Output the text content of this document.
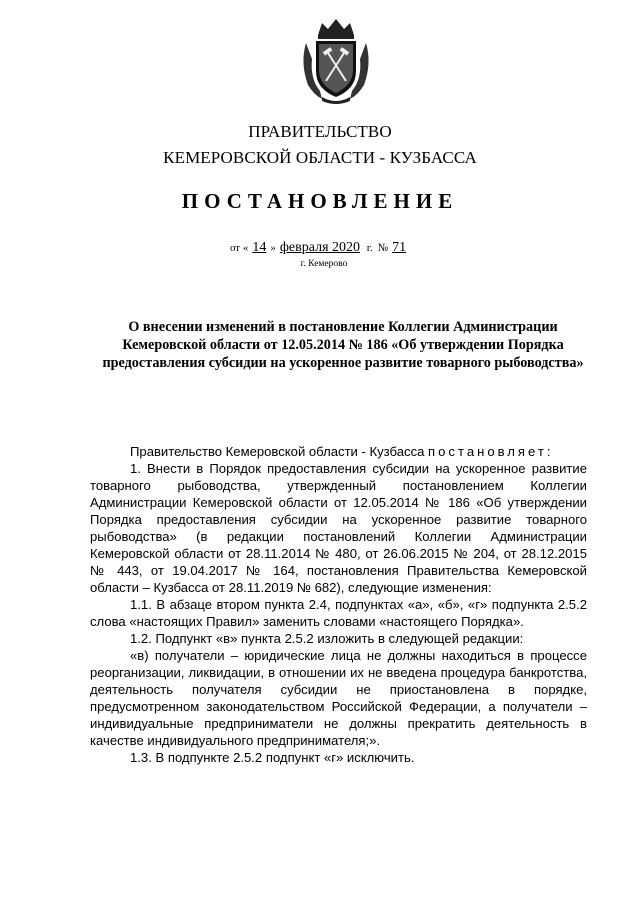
ПРАВИТЕЛЬСТВО
КЕМЕРОВСКОЙ ОБЛАСТИ - КУЗБАССА
ПОСТАНОВЛЕНИЕ
от « 14 » февраля 2020 г. № 71
г. Кемерово
О внесении изменений в постановление Коллегии Администрации Кемеровской области от 12.05.2014 № 186 «Об утверждении Порядка предоставления субсидии на ускоренное развитие товарного рыбоводства»

Правительство Кемеровской области - Кузбасса постановляет:

1. Внести в Порядок предоставления субсидии на ускоренное развитие товарного рыбоводства, утвержденный постановлением Коллегии Администрации Кемеровской области от 12.05.2014 № 186 «Об утверждении Порядка предоставления субсидии на ускоренное развитие товарного рыбоводства» (в редакции постановлений Коллегии Администрации Кемеровской области от 28.11.2014 № 480, от 26.06.2015 № 204, от 28.12.2015 № 443, от 19.04.2017 № 164, постановления Правительства Кемеровской области – Кузбасса от 28.11.2019 № 682), следующие изменения:

1.1. В абзаце втором пункта 2.4, подпунктах «а», «б», «г» подпункта 2.5.2 слова «настоящих Правил» заменить словами «настоящего Порядка».

1.2. Подпункт «в» пункта 2.5.2 изложить в следующей редакции:

«в) получатели – юридические лица не должны находиться в процессе реорганизации, ликвидации, в отношении их не введена процедура банкротства, деятельность получателя субсидии не приостановлена в порядке, предусмотренном законодательством Российской Федерации, а получатели – индивидуальные предприниматели не должны прекратить деятельность в качестве индивидуального предпринимателя;».

1.3. В подпункте 2.5.2 подпункт «г» исключить.
